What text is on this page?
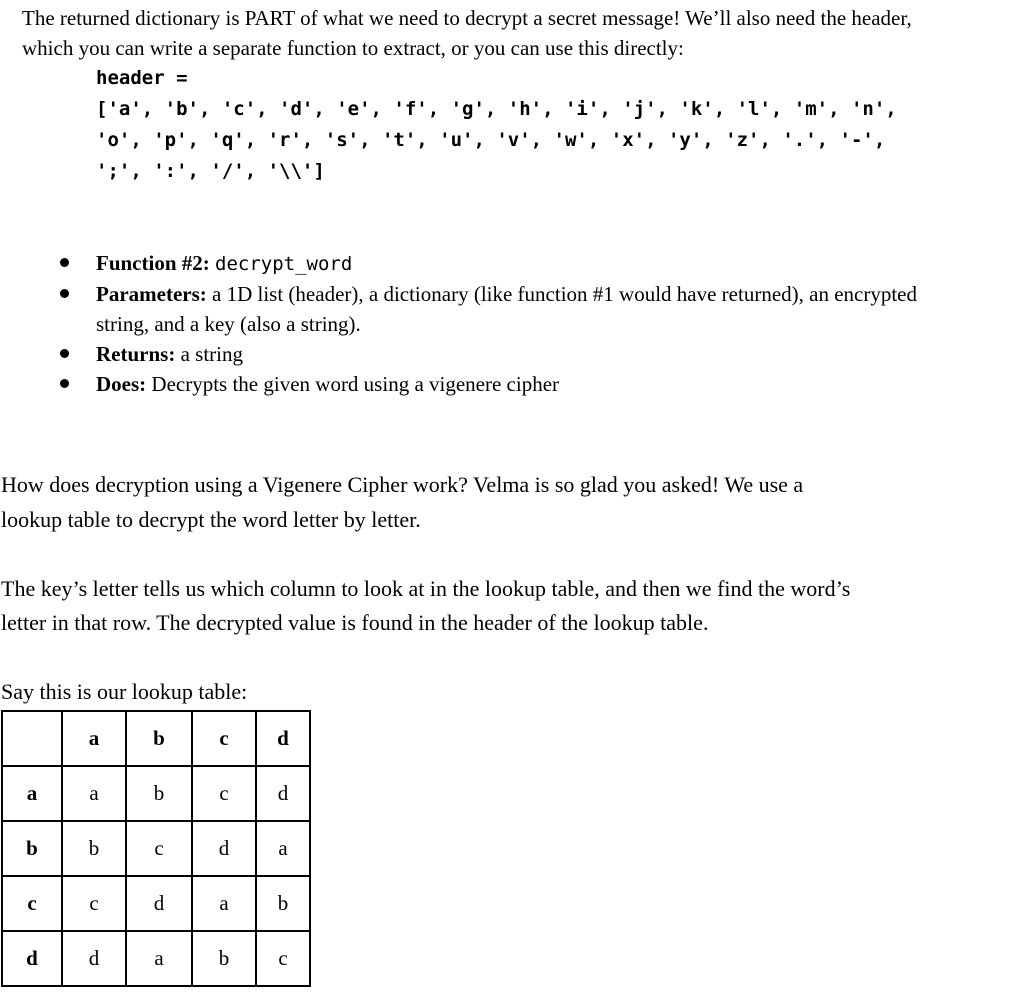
The returned dictionary is PART of what we need to decrypt a secret message! We’ll also need the header,
which you can write a separate function to extract, or you can use this directly:
header =
['a', 'b', 'c', 'd', 'e', 'f', 'g', 'h', 'i', 'j', 'k', 'l', 'm', 'n',
'o', 'p', 'q', 'r', 's', 't', 'u', 'v', 'w', 'x', 'y', 'z', '.', '-',
';', ':', '/', '\\']
Function #2: decrypt_word
Parameters: a 1D list (header), a dictionary (like function #1 would have returned), an encrypted
string, and a key (also a string).
Returns: a string
Does: Decrypts the given word using a vigenere cipher
How does decryption using a Vigenere Cipher work? Velma is so glad you asked! We use a
lookup table to decrypt the word letter by letter.
The key’s letter tells us which column to look at in the lookup table, and then we find the word’s
letter in that row. The decrypted value is found in the header of the lookup table.
Say this is our lookup table:
	a	b	c	d
a	a	b	c	d
b	b	c	d	a
c	c	d	a	b
d	d	a	b	c
